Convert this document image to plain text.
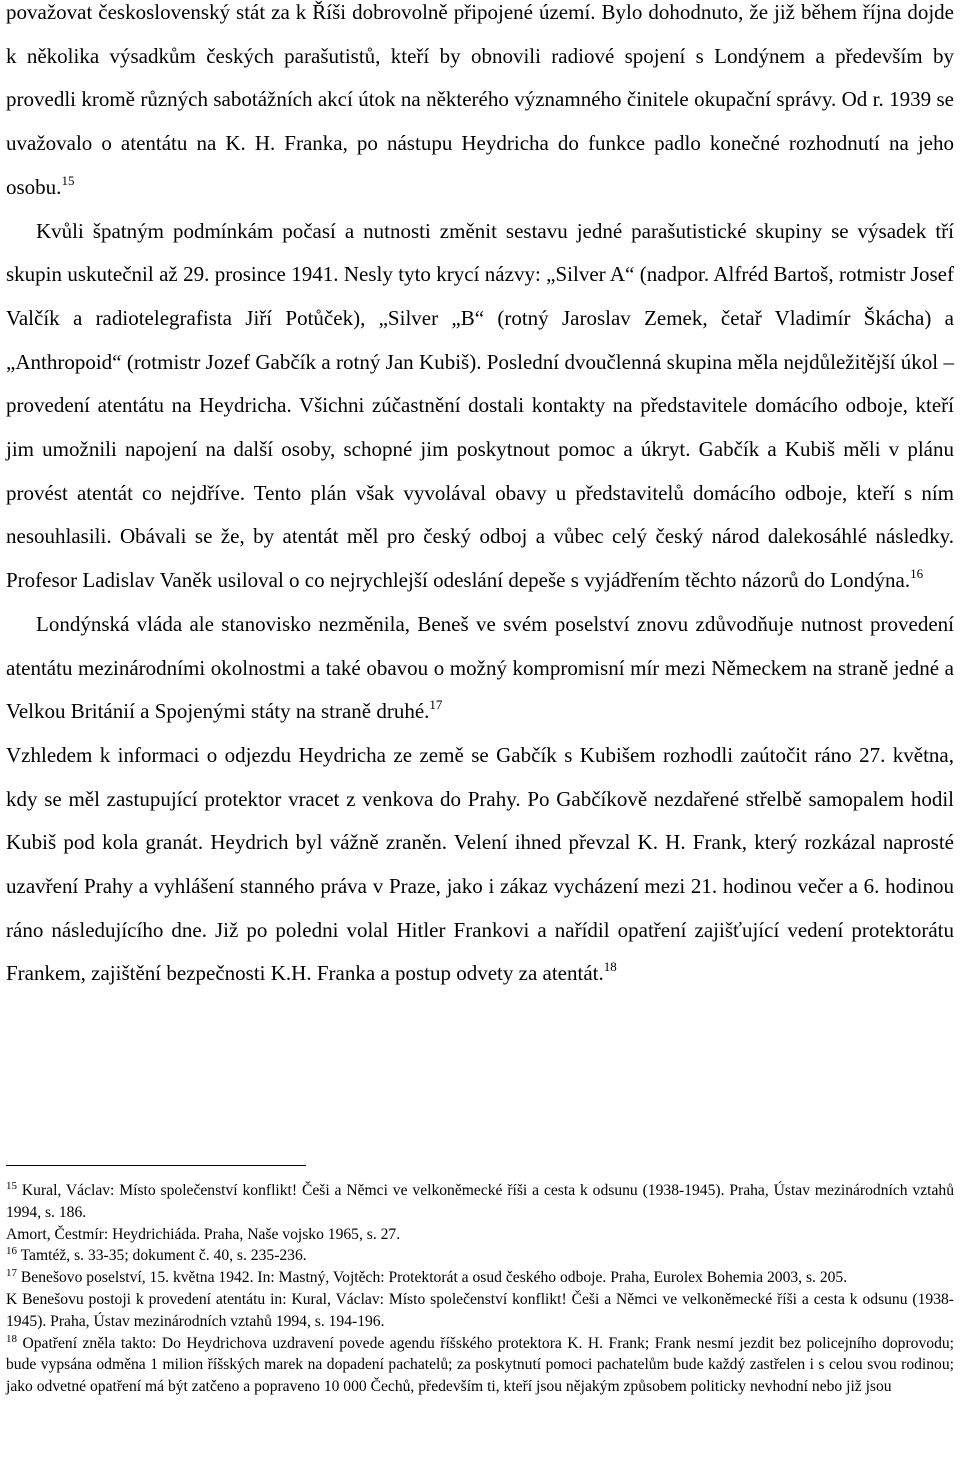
považovat československý stát za k Říši dobrovolně připojené území. Bylo dohodnuto, že již během října dojde k několika výsadkům českých parašutistů, kteří by obnovili radiové spojení s Londýnem a především by provedli kromě různých sabotážních akcí útok na některého významného činitele okupační správy. Od r. 1939 se uvažovalo o atentátu na K. H. Franka, po nástupu Heydricha do funkce padlo konečné rozhodnutí na jeho osobu.$^{15}$

Kvůli špatným podmínkám počasí a nutnosti změnit sestavu jedné parašutistické skupiny se výsadek tří skupin uskutečnil až 29. prosince 1941. Nesly tyto krycí názvy: „Silver A“ (nadpor. Alfréd Bartoš, rotmistr Josef Valčík a radiotelegrafista Jiří Potůček), „Silver „B“ (rotný Jaroslav Zemek, četař Vladimír Škácha) a „Anthropoid“ (rotmistr Jozef Gabčík a rotný Jan Kubiš). Poslední dvoučlenná skupina měla nejdůležitější úkol – provedení atentátu na Heydricha. Všichni zúčastnění dostali kontakty na představitele domácího odboje, kteří jim umožnili napojení na další osoby, schopné jim poskytnout pomoc a úkryt. Gabčík a Kubiš měli v plánu provést atentát co nejdříve. Tento plán však vyvolával obavy u představitelů domácího odboje, kteří s ním nesouhlasili. Obávali se že, by atentát měl pro český odboj a vůbec celý český národ dalekosáhlé následky. Profesor Ladislav Vaněk usiloval o co nejrychlejší odeslání depeše s vyjádřením těchto názorů do Londýna.$^{16}$

Londýnská vláda ale stanovisko nezměnila, Beneš ve svém poselství znovu zdůvodňuje nutnost provedení atentátu mezinárodními okolnostmi a také obavou o možný kompromisní mír mezi Německem na straně jedné a Velkou Británií a Spojenými státy na straně druhé.$^{17}$

Vzhledem k informaci o odjezdu Heydricha ze země se Gabčík s Kubišem rozhodli zaútočit ráno 27. května, kdy se měl zastupující protektor vracet z venkova do Prahy. Po Gabčíkově nezdařené střelbě samopalem hodil Kubiš pod kola granát. Heydrich byl vážně zraněn. Velení ihned převzal K. H. Frank, který rozkázal naprosté uzavření Prahy a vyhlášení stanného práva v Praze, jako i zákaz vycházení mezi 21. hodinou večer a 6. hodinou ráno následujícího dne. Již po poledni volal Hitler Frankovi a nařídil opatření zajišťující vedení protektorátu Frankem, zajištění bezpečnosti K.H. Franka a postup odvety za atentát.$^{18}$

$^{15}$ Kural, Václav: Místo společenství konflikt! Češi a Němci ve velkoněmecké říši a cesta k odsunu (1938-1945). Praha, Ústav mezinárodních vztahů 1994, s. 186.

Amort, Čestmír: Heydrichiáda. Praha, Naše vojsko 1965, s. 27.

$^{16}$ Tamtéž, s. 33-35; dokument č. 40, s. 235-236.

$^{17}$ Benešovo poselství, 15. května 1942. In: Mastný, Vojtěch: Protektorát a osud českého odboje. Praha, Eurolex Bohemia 2003, s. 205.

K Benešovu postoji k provedení atentátu in: Kural, Václav: Místo společenství konflikt! Češi a Němci ve velkoněmecké říši a cesta k odsunu (1938-1945). Praha, Ústav mezinárodních vztahů 1994, s. 194-196.

$^{18}$ Opatření zněla takto: Do Heydrichova uzdravení povede agendu říšského protektora K. H. Frank; Frank nesmí jezdit bez policejního doprovodu; bude vypsána odměna 1 milion říšských marek na dopadení pachatelů; za poskytnutí pomoci pachatelům bude každý zastřelen i s celou svou rodinou; jako odvetné opatření má být zatčeno a popraveno 10 000 Čechů, především ti, kteří jsou nějakým způsobem politicky nevhodní nebo již jsou
